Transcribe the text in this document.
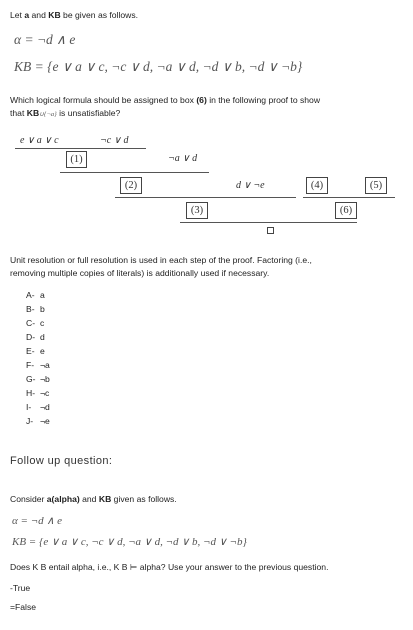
Let a and KB be given as follows.
α = ¬d ∧ e
KB = {e ∨ a ∨ c, ¬c ∨ d, ¬a ∨ d, ¬d ∨ b, ¬d ∨ ¬b}
Which logical formula should be assigned to box (6) in the following proof to show
that KB∪{¬a} is unsatisfiable?
e ∨ a ∨ c	¬c ∨ d
(1)	¬a ∨ d
(2)	d ∨ ¬e	(4)	(5)
(3)	(6)
Unit resolution or full resolution is used in each step of the proof. Factoring (i.e.,
removing multiple copies of literals) is additionally used if necessary.
A- a
B- b
C- c
D- d
E- e
F- ¬a
G- ¬b
H- ¬c
I- ¬d
J- ¬e
Follow up question:
Consider a(alpha) and KB given as follows.
α = ¬d ∧ e
KB = {e ∨ a ∨ c, ¬c ∨ d, ¬a ∨ d, ¬d ∨ b, ¬d ∨ ¬b}
Does K B entail alpha, i.e., K B ⊨ alpha? Use your answer to the previous question.
-True
=False
